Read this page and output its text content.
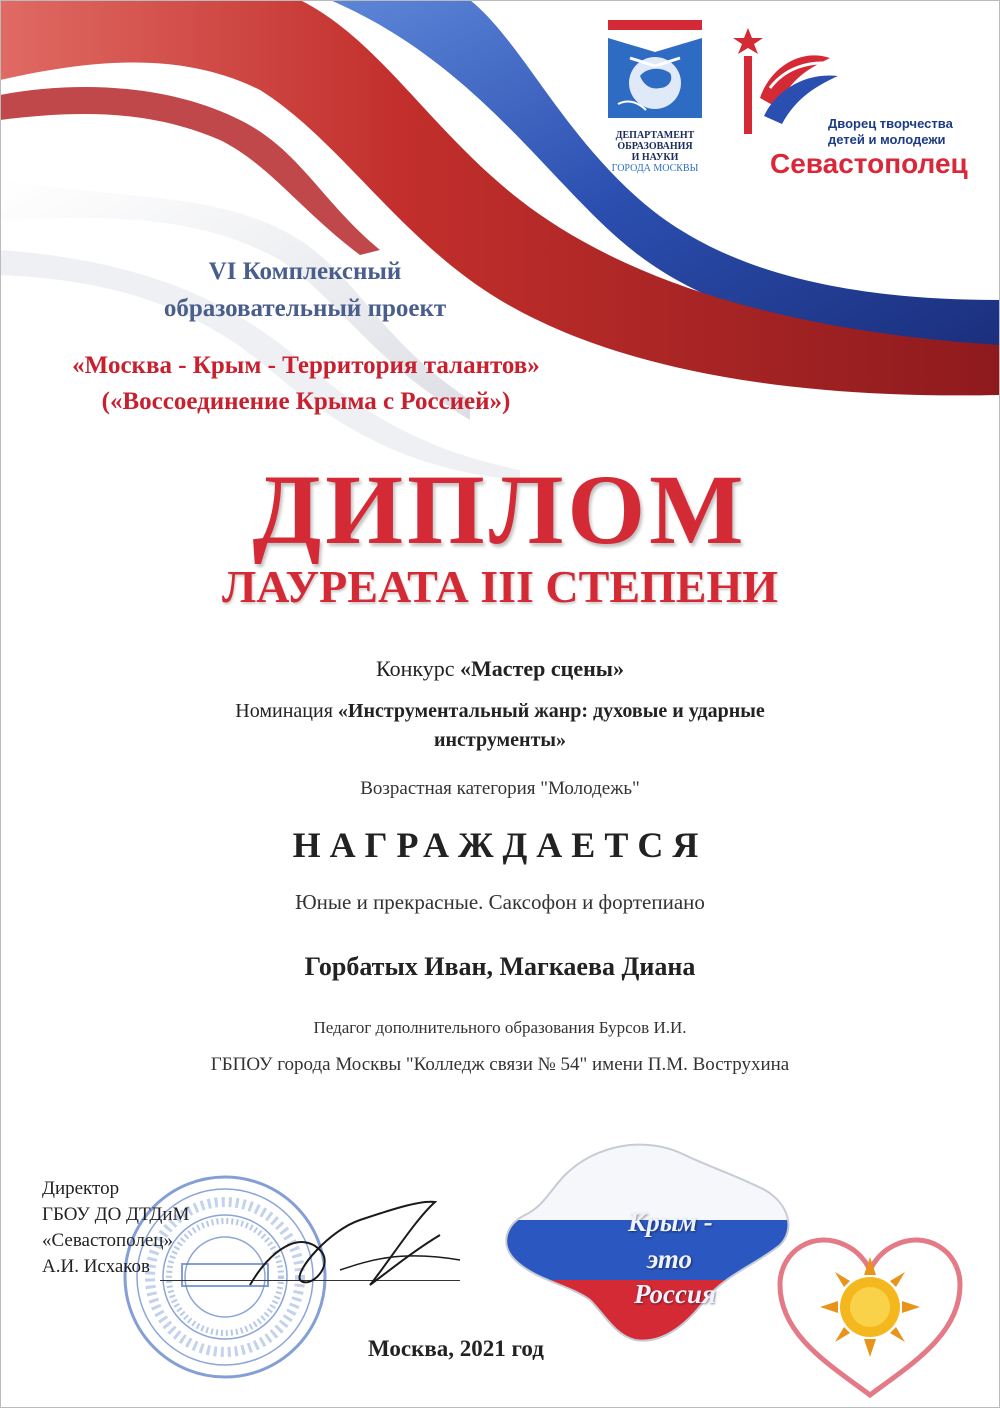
ДЕПАРТАМЕНТ
ОБРАЗОВАНИЯ
И НАУКИ
ГОРОДА МОСКВЫ
Дворец творчества
детей и молодежи
Севастополец
VI Комплексный
образовательный проект
«Москва - Крым - Территория талантов»
(«Воссоединение Крыма с Россией»)
ДИПЛОМ
ЛАУРЕАТА III СТЕПЕНИ
Конкурс «Мастер сцены»
Номинация «Инструментальный жанр: духовые и ударные
инструменты»
Возрастная категория "Молодежь"
НАГРАЖДАЕТСЯ
Юные и прекрасные. Саксофон и фортепиано
Горбатых Иван, Магкаева Диана
Педагог дополнительного образования Бурсов И.И.
ГБПОУ города Москвы "Колледж связи № 54" имени П.М. Вострухина
Директор
ГБОУ ДО ДТДиМ
«Севастополец»
А.И. Исхаков
Крым -
это
Россия
Москва, 2021 год
